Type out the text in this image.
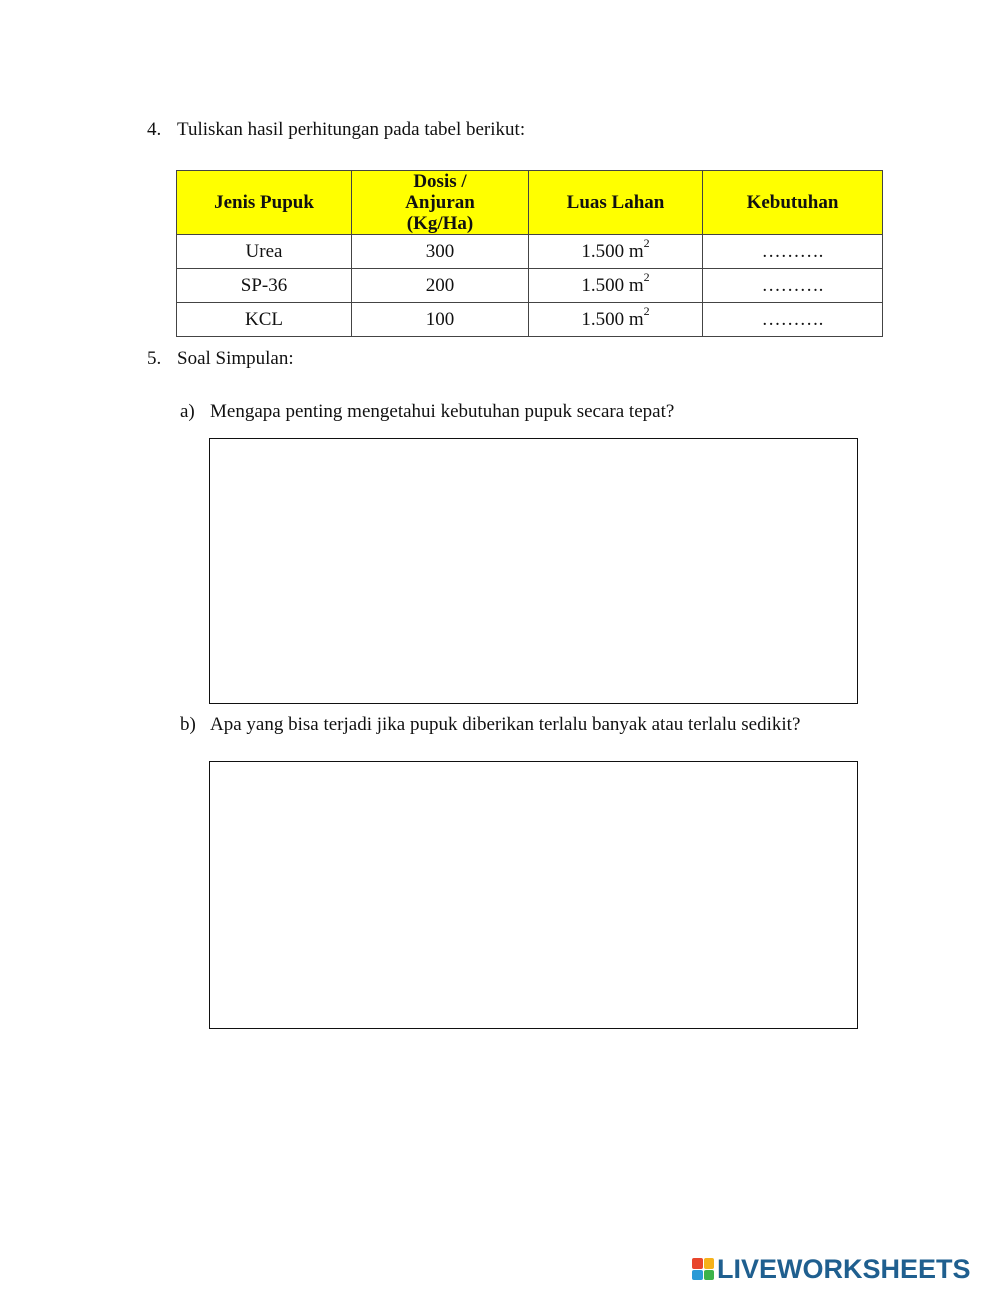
4. Tuliskan hasil perhitungan pada tabel berikut:
Jenis Pupuk	Dosis / Anjuran (Kg/Ha)	Luas Lahan	Kebutuhan
Urea	300	1.500 $m^2$	……….
SP-36	200	1.500 $m^2$	……….
KCL	100	1.500 $m^2$	……….
5. Soal Simpulan:
a) Mengapa penting mengetahui kebutuhan pupuk secara tepat?
b) Apa yang bisa terjadi jika pupuk diberikan terlalu banyak atau terlalu sedikit?
LIVEWORKSHEETS
